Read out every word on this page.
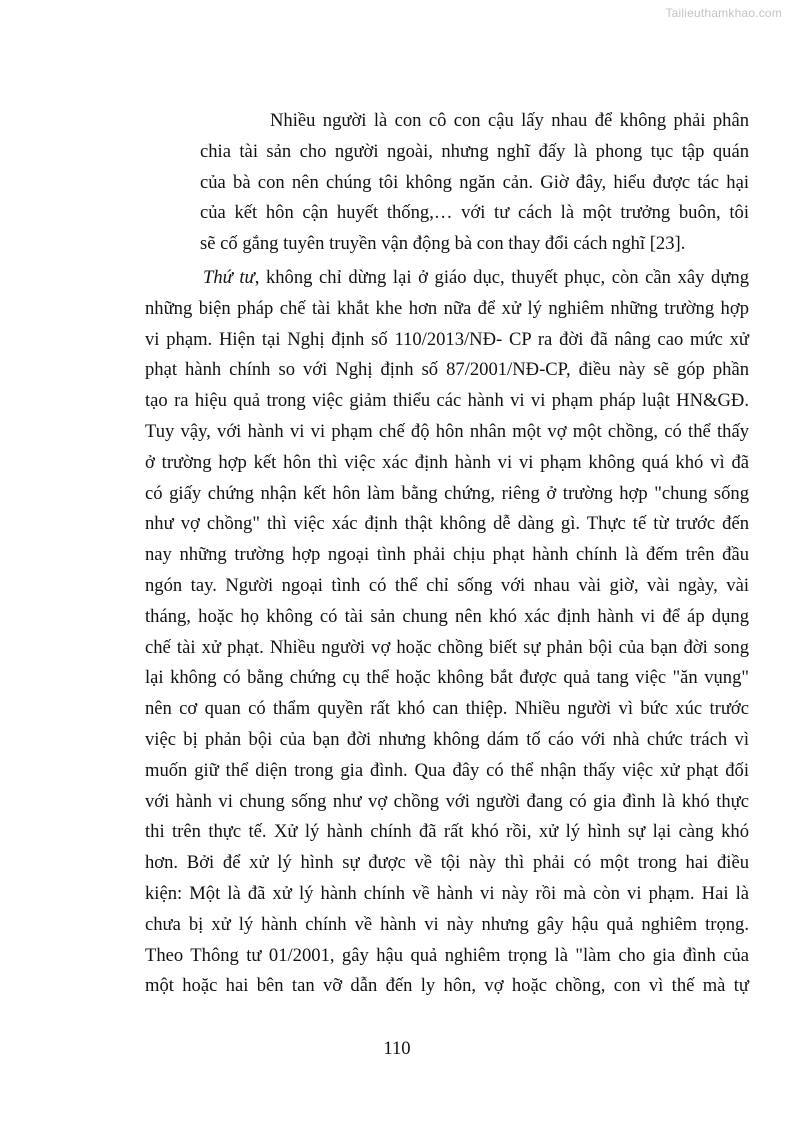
Tailieuthamkhao.com
Nhiều người là con cô con cậu lấy nhau để không phải phân
chia tài sản cho người ngoài, nhưng nghĩ đấy là phong tục tập quán
của bà con nên chúng tôi không ngăn cản. Giờ đây, hiểu được tác hại
của kết hôn cận huyết thống,… với tư cách là một trưởng buôn, tôi
sẽ cố gắng tuyên truyền vận động bà con thay đổi cách nghĩ [23].
Thứ tư, không chỉ dừng lại ở giáo dục, thuyết phục, còn cần xây dựng
những biện pháp chế tài khắt khe hơn nữa để xử lý nghiêm những trường hợp
vi phạm. Hiện tại Nghị định số 110/2013/NĐ- CP ra đời đã nâng cao mức xử
phạt hành chính so với Nghị định số 87/2001/NĐ-CP, điều này sẽ góp phần
tạo ra hiệu quả trong việc giảm thiểu các hành vi vi phạm pháp luật HN&GĐ.
Tuy vậy, với hành vi vi phạm chế độ hôn nhân một vợ một chồng, có thể thấy
ở trường hợp kết hôn thì việc xác định hành vi vi phạm không quá khó vì đã
có giấy chứng nhận kết hôn làm bằng chứng, riêng ở trường hợp "chung sống
như vợ chồng" thì việc xác định thật không dễ dàng gì. Thực tế từ trước đến
nay những trường hợp ngoại tình phải chịu phạt hành chính là đếm trên đầu
ngón tay. Người ngoại tình có thể chỉ sống với nhau vài giờ, vài ngày, vài
tháng, hoặc họ không có tài sản chung nên khó xác định hành vi để áp dụng
chế tài xử phạt. Nhiều người vợ hoặc chồng biết sự phản bội của bạn đời song
lại không có bằng chứng cụ thể hoặc không bắt được quả tang việc "ăn vụng"
nên cơ quan có thẩm quyền rất khó can thiệp. Nhiều người vì bức xúc trước
việc bị phản bội của bạn đời nhưng không dám tố cáo với nhà chức trách vì
muốn giữ thể diện trong gia đình. Qua đây có thể nhận thấy việc xử phạt đối
với hành vi chung sống như vợ chồng với người đang có gia đình là khó thực
thi trên thực tế. Xử lý hành chính đã rất khó rồi, xử lý hình sự lại càng khó
hơn. Bởi để xử lý hình sự được về tội này thì phải có một trong hai điều
kiện: Một là đã xử lý hành chính về hành vi này rồi mà còn vi phạm. Hai là
chưa bị xử lý hành chính về hành vi này nhưng gây hậu quả nghiêm trọng.
Theo Thông tư 01/2001, gây hậu quả nghiêm trọng là "làm cho gia đình của
một hoặc hai bên tan vỡ dẫn đến ly hôn, vợ hoặc chồng, con vì thế mà tự
110
